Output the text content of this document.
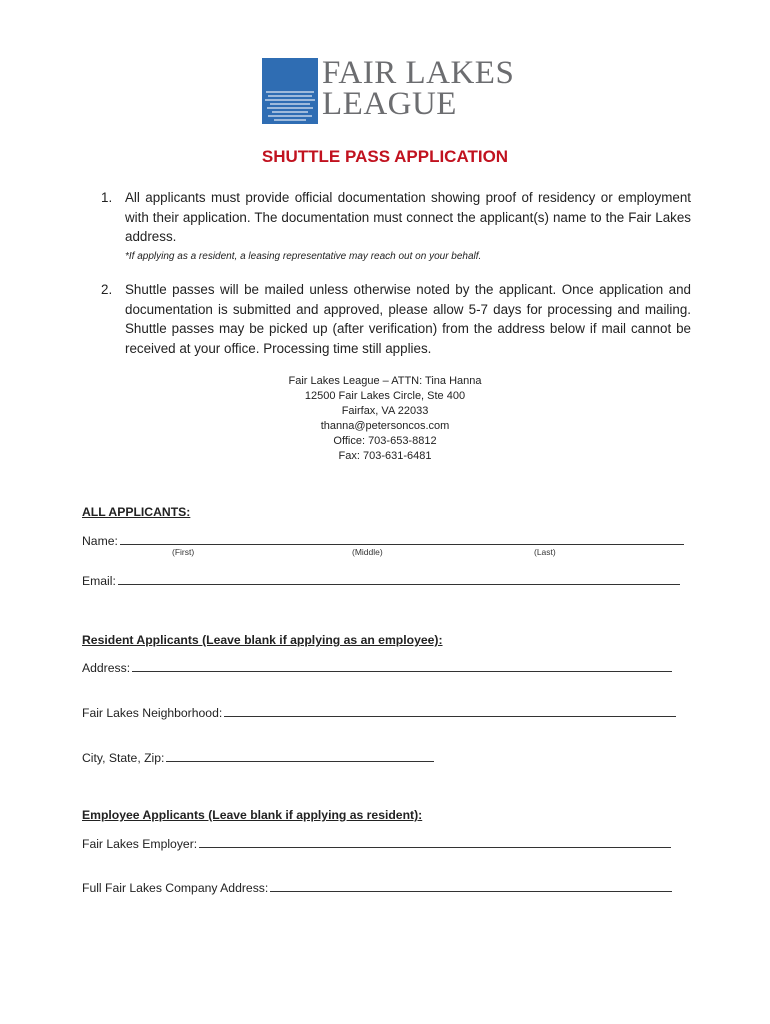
FAIR LAKES
LEAGUE
SHUTTLE PASS APPLICATION
1. All applicants must provide official documentation showing proof of residency or employment with their application. The documentation must connect the applicant(s) name to the Fair Lakes address.
*If applying as a resident, a leasing representative may reach out on your behalf.
2. Shuttle passes will be mailed unless otherwise noted by the applicant. Once application and documentation is submitted and approved, please allow 5-7 days for processing and mailing. Shuttle passes may be picked up (after verification) from the address below if mail cannot be received at your office. Processing time still applies.
Fair Lakes League – ATTN: Tina Hanna
12500 Fair Lakes Circle, Ste 400
Fairfax, VA 22033
thanna@petersoncos.com
Office: 703-653-8812
Fax: 703-631-6481
ALL APPLICANTS:
Name:
(First)	(Middle)	(Last)
Email:
Resident Applicants (Leave blank if applying as an employee):
Address:
Fair Lakes Neighborhood:
City, State, Zip:
Employee Applicants (Leave blank if applying as resident):
Fair Lakes Employer:
Full Fair Lakes Company Address:
